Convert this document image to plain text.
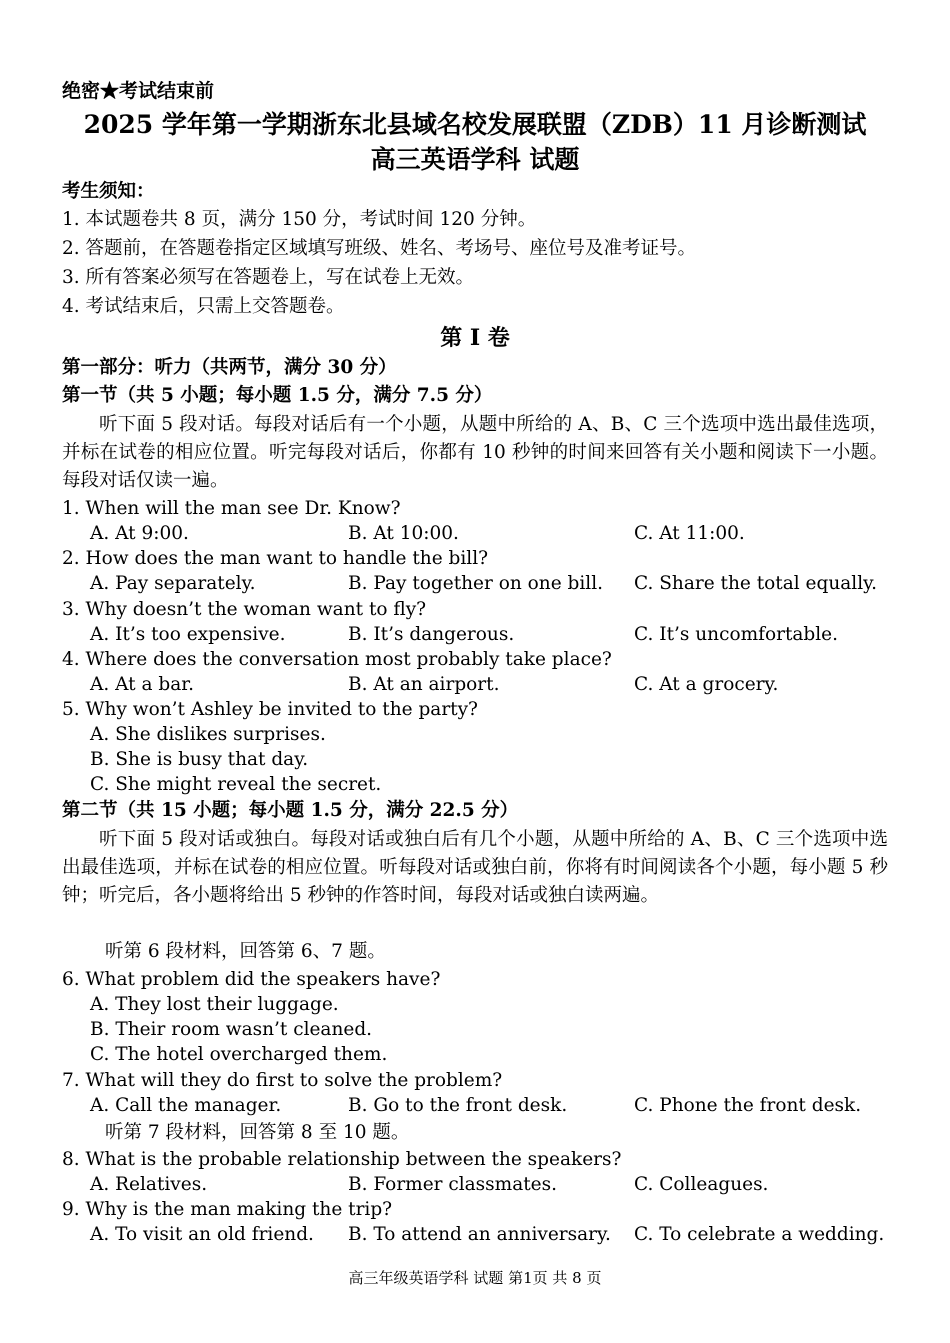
绝密★考试结束前

2025 学年第一学期浙东北县域名校发展联盟（ZDB）11 月诊断测试

高三英语学科 试题

考生须知：

1. 本试题卷共 8 页，满分 150 分，考试时间 120 分钟。

2. 答题前，在答题卷指定区域填写班级、姓名、考场号、座位号及准考证号。

3. 所有答案必须写在答题卷上，写在试卷上无效。

4. 考试结束后，只需上交答题卷。

第 I 卷

第一部分：听力（共两节，满分 30 分）

第一节（共 5 小题；每小题 1.5 分，满分 7.5 分）

听下面 5 段对话。每段对话后有一个小题，从题中所给的 A、B、C 三个选项中选出最佳选项，并标在试卷的相应位置。听完每段对话后，你都有 10 秒钟的时间来回答有关小题和阅读下一小题。每段对话仅读一遍。

1. When will the man see Dr. Know?

A. At 9:00.	B. At 10:00.	C. At 11:00.

2. How does the man want to handle the bill?

A. Pay separately.	B. Pay together on one bill. C. Share the total equally.

3. Why doesn’t the woman want to fly?

A. It’s too expensive.	B. It’s dangerous.	C. It’s uncomfortable.

4. Where does the conversation most probably take place?

A. At a bar.	B. At an airport.	C. At a grocery.

5. Why won’t Ashley be invited to the party?

A. She dislikes surprises.

B. She is busy that day.

C. She might reveal the secret.

第二节（共 15 小题；每小题 1.5 分，满分 22.5 分）

听下面 5 段对话或独白。每段对话或独白后有几个小题，从题中所给的 A、B、C 三个选项中选出最佳选项，并标在试卷的相应位置。听每段对话或独白前，你将有时间阅读各个小题，每小题 5 秒钟；听完后，各小题将给出 5 秒钟的作答时间，每段对话或独白读两遍。

听第 6 段材料，回答第 6、7 题。

6. What problem did the speakers have?

A. They lost their luggage.

B. Their room wasn’t cleaned.

C. The hotel overcharged them.

7. What will they do first to solve the problem?

A. Call the manager.	B. Go to the front desk.	C. Phone the front desk.

听第 7 段材料，回答第 8 至 10 题。

8. What is the probable relationship between the speakers?

A. Relatives.	B. Former classmates.	C. Colleagues.

9. Why is the man making the trip?

A. To visit an old friend. B. To attend an anniversary. C. To celebrate a wedding.
高三年级英语学科 试题 第1页 共 8 页
